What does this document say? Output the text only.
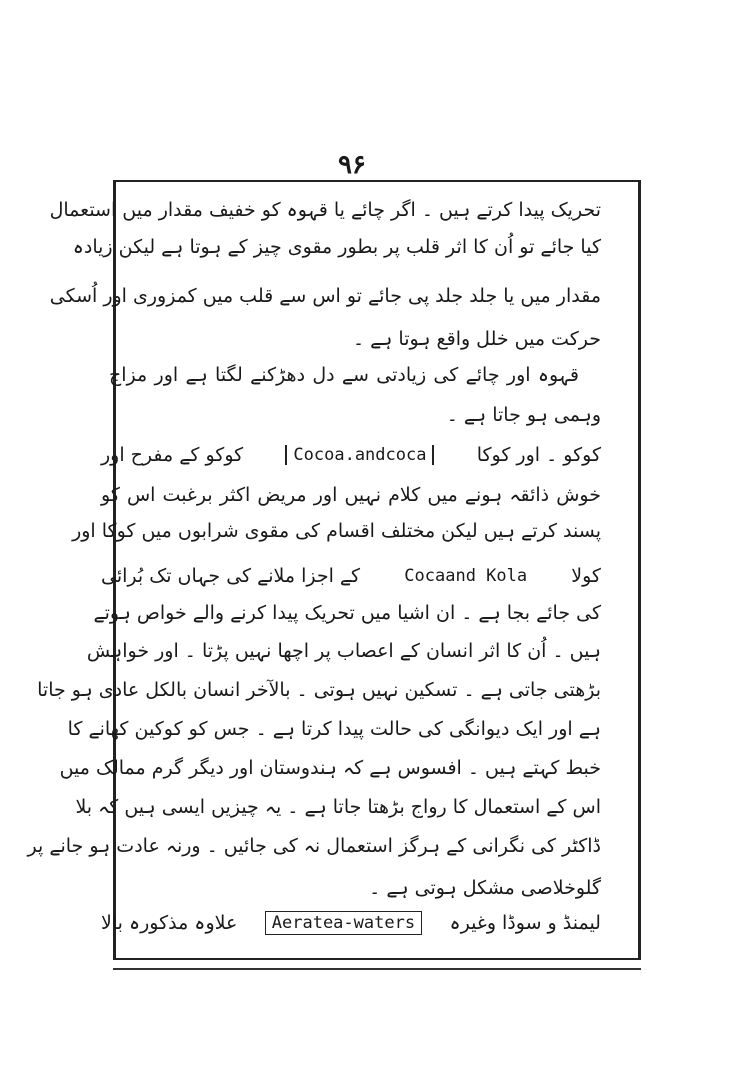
۹۶
تحریک پیدا کرتے ہیں ۔ اگر چائے یا قہوہ کو خفیف مقدار میں استعمال
کیا جائے تو اُن کا اثر قلب پر بطور مقوی چیز کے ہوتا ہے لیکن زیادہ
مقدار میں یا جلد جلد پی جائے تو اس سے قلب میں کمزوری اور اُسکی
حرکت میں خلل واقع ہوتا ہے ۔
قہوہ اور چائے کی زیادتی سے دل دھڑکنے لگتا ہے اور مزاج
وہمی ہو جاتا ہے ۔
کوکو ۔ اور کوکا
Cocoa.andcoca
کوکو کے مفرح اور
خوش ذائقہ ہونے میں کلام نہیں اور مریض اکثر برغبت اس کو
پسند کرتے ہیں لیکن مختلف اقسام کی مقوی شرابوں میں کوکا اور
کولا
Cocaand Kola
کے اجزا ملانے کی جہاں تک بُرائی
کی جائے بجا ہے ۔ ان اشیا میں تحریک پیدا کرنے والے خواص ہوتے
ہیں ۔ اُن کا اثر انسان کے اعصاب پر اچھا نہیں پڑتا ۔ اور خواہش
بڑھتی جاتی ہے ۔ تسکین نہیں ہوتی ۔ بالآخر انسان بالکل عادی ہو جاتا
ہے اور ایک دیوانگی کی حالت پیدا کرتا ہے ۔ جس کو کوکین کھانے کا
خبط کہتے ہیں ۔ افسوس ہے کہ ہندوستان اور دیگر گرم ممالک میں
اس کے استعمال کا رواج بڑھتا جاتا ہے ۔ یہ چیزیں ایسی ہیں کہ بلا
ڈاکٹر کی نگرانی کے ہرگز استعمال نہ کی جائیں ۔ ورنہ عادت ہو جانے پر
گلوخلاصی مشکل ہوتی ہے ۔
لیمنڈ و سوڈا وغیرہ
Aeratea-waters
علاوہ مذکورہ بالا
